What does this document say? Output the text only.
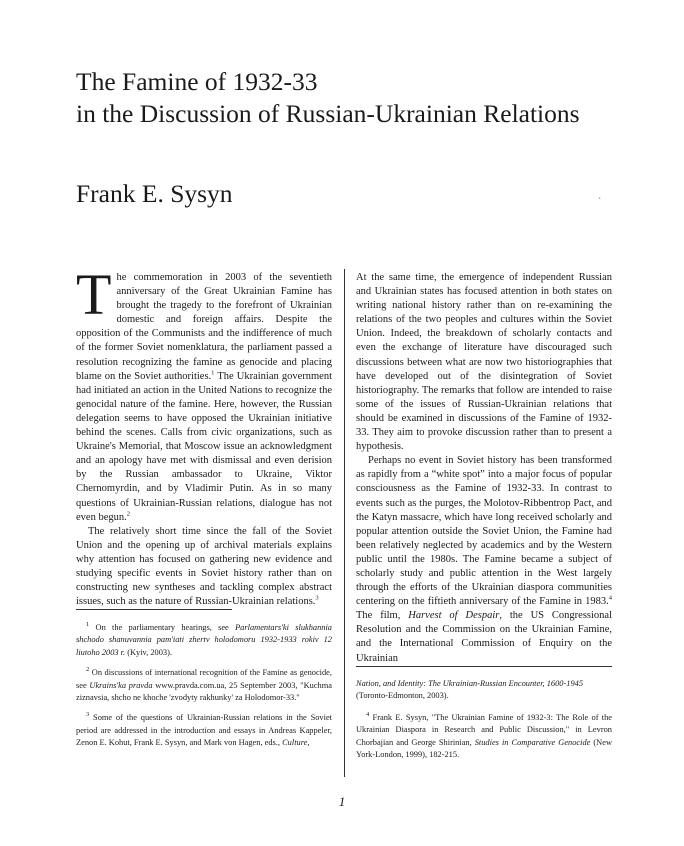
The Famine of 1932-33
in the Discussion of Russian-Ukrainian Relations
Frank E. Sysyn	ˎ

The commemoration in 2003 of the seventieth anniversary of the Great Ukrainian Famine has brought the tragedy to the forefront of Ukrainian domestic and foreign affairs. Despite the opposition of the Communists and the indifference of much of the former Soviet nomenklatura, the parliament passed a resolution recognizing the famine as genocide and placing blame on the Soviet authorities.$^1$ The Ukrainian government had initiated an action in the United Nations to recognize the genocidal nature of the famine. Here, however, the Russian delegation seems to have opposed the Ukrainian initiative behind the scenes. Calls from civic organizations, such as Ukraine's Memorial, that Moscow issue an acknowledgment and an apology have met with dismissal and even derision by the Russian ambassador to Ukraine, Viktor Chernomyrdin, and by Vladimir Putin. As in so many questions of Ukrainian-Russian relations, dialogue has not even begun.$^2$

The relatively short time since the fall of the Soviet Union and the opening up of archival materials explains why attention has focused on gathering new evidence and studying specific events in Soviet history rather than on constructing new syntheses and tackling complex abstract issues, such as the nature of Russian-Ukrainian relations.$^3$

At the same time, the emergence of independent Russian and Ukrainian states has focused attention in both states on writing national history rather than on re-examining the relations of the two peoples and cultures within the Soviet Union. Indeed, the breakdown of scholarly contacts and even the exchange of literature have discouraged such discussions between what are now two historiographies that have developed out of the disintegration of Soviet historiography. The remarks that follow are intended to raise some of the issues of Russian-Ukrainian relations that should be examined in discussions of the Famine of 1932-33. They aim to provoke discussion rather than to present a hypothesis.

Perhaps no event in Soviet history has been transformed as rapidly from a “white spot” into a major focus of popular consciousness as the Famine of 1932-33. In contrast to events such as the purges, the Molotov-Ribbentrop Pact, and the Katyn massacre, which have long received scholarly and popular attention outside the Soviet Union, the Famine had been relatively neglected by academics and by the Western public until the 1980s. The Famine became a subject of scholarly study and public attention in the West largely through the efforts of the Ukrainian diaspora communities centering on the fiftieth anniversary of the Famine in 1983.$^4$ The film, Harvest of Despair, the US Congressional Resolution and the Commission on the Ukrainian Famine, and the International Commission of Enquiry on the Ukrainian

$^1$ On the parliamentary hearings, see Parlamentars'ki slukhannia shchodo shanuvannia pam'iati zhertv holodomoru 1932-1933 rokiv 12 liutoho 2003 r. (Kyiv, 2003).

$^2$ On discussions of international recognition of the Famine as genocide, see Ukrains'ka pravda www.pravda.com.ua, 25 September 2003, "Kuchma ziznavsia, shcho ne khoche 'zvodyty rakhunky' za Holodomor-33."

$^3$ Some of the questions of Ukrainian-Russian relations in the Soviet period are addressed in the introduction and essays in Andreas Kappeler, Zenon E. Kohut, Frank E. Sysyn, and Mark von Hagen, eds., Culture,

Nation, and Identity: The Ukrainian-Russian Encounter, 1600-1945 (Toronto-Edmonton, 2003).

$^4$ Frank E. Sysyn, "The Ukrainian Famine of 1932-3: The Role of the Ukrainian Diaspora in Research and Public Discussion," in Levron Chorbajian and George Shirinian, Studies in Comparative Genocide (New York-London, 1999), 182-215.

1
